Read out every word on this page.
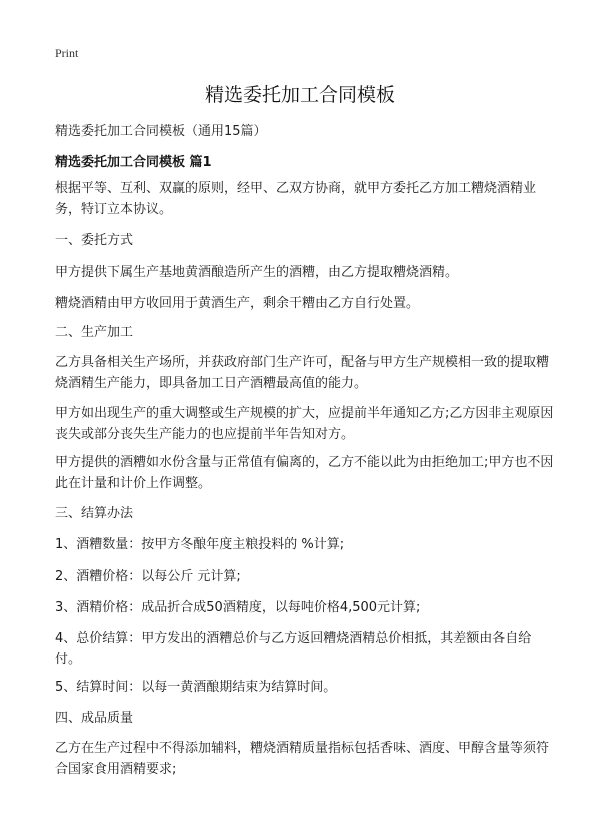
Print
精选委托加工合同模板
精选委托加工合同模板（通用15篇）
精选委托加工合同模板 篇1

根据平等、互利、双赢的原则，经甲、乙双方协商，就甲方委托乙方加工糟烧酒精业务，特订立本协议。

一、委托方式

甲方提供下属生产基地黄酒酿造所产生的酒糟，由乙方提取糟烧酒精。

糟烧酒精由甲方收回用于黄酒生产，剩余干糟由乙方自行处置。

二、生产加工

乙方具备相关生产场所，并获政府部门生产许可，配备与甲方生产规模相一致的提取糟烧酒精生产能力，即具备加工日产酒糟最高值的能力。

甲方如出现生产的重大调整或生产规模的扩大，应提前半年通知乙方;乙方因非主观原因丧失或部分丧失生产能力的也应提前半年告知对方。

甲方提供的酒糟如水份含量与正常值有偏离的，乙方不能以此为由拒绝加工;甲方也不因此在计量和计价上作调整。

三、结算办法

1、酒糟数量：按甲方冬酿年度主粮投料的 %计算;

2、酒糟价格：以每公斤 元计算;

3、酒精价格：成品折合成50酒精度，以每吨价格4,500元计算;

4、总价结算：甲方发出的酒糟总价与乙方返回糟烧酒精总价相抵，其差额由各自给付。

5、结算时间：以每一黄酒酿期结束为结算时间。

四、成品质量

乙方在生产过程中不得添加辅料，糟烧酒精质量指标包括香味、酒度、甲醇含量等须符合国家食用酒精要求;
